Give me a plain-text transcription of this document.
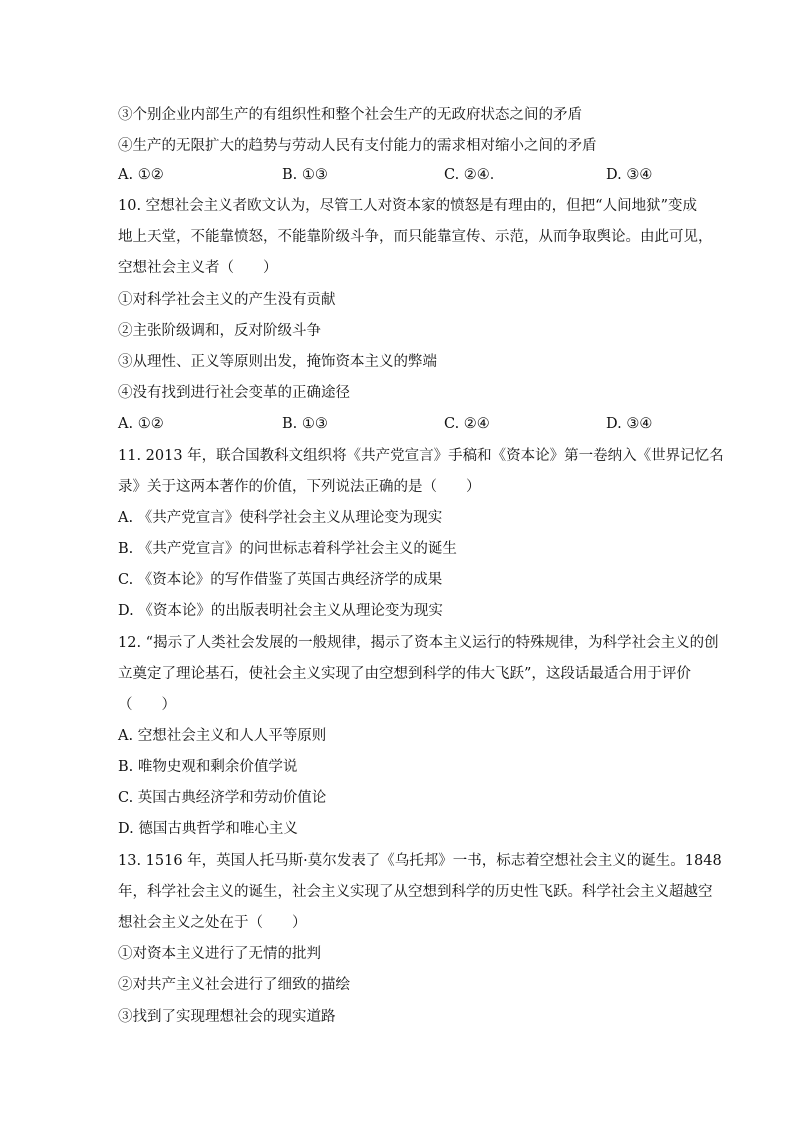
③个别企业内部生产的有组织性和整个社会生产的无政府状态之间的矛盾
④生产的无限扩大的趋势与劳动人民有支付能力的需求相对缩小之间的矛盾
A. ①②	B. ①③	C. ②④．	D. ③④
10. 空想社会主义者欧文认为，尽管工人对资本家的愤怒是有理由的，但把“人间地狱”变成
地上天堂，不能靠愤怒，不能靠阶级斗争，而只能靠宣传、示范，从而争取舆论。由此可见，
空想社会主义者（　　）
①对科学社会主义的产生没有贡献
②主张阶级调和，反对阶级斗争
③从理性、正义等原则出发，掩饰资本主义的弊端
④没有找到进行社会变革的正确途径
A. ①②	B. ①③	C. ②④	D. ③④
11. 2013 年，联合国教科文组织将《共产党宣言》手稿和《资本论》第一卷纳入《世界记忆名
录》关于这两本著作的价值，下列说法正确的是（　　）
A. 《共产党宣言》使科学社会主义从理论变为现实
B. 《共产党宣言》的问世标志着科学社会主义的诞生
C. 《资本论》的写作借鉴了英国古典经济学的成果
D. 《资本论》的出版表明社会主义从理论变为现实
12. “揭示了人类社会发展的一般规律，揭示了资本主义运行的特殊规律，为科学社会主义的创
立奠定了理论基石，使社会主义实现了由空想到科学的伟大飞跃”，这段话最适合用于评价
（　　）
A. 空想社会主义和人人平等原则
B. 唯物史观和剩余价值学说
C. 英国古典经济学和劳动价值论
D. 德国古典哲学和唯心主义
13. 1516 年，英国人托马斯·莫尔发表了《乌托邦》一书，标志着空想社会主义的诞生。1848
年，科学社会主义的诞生，社会主义实现了从空想到科学的历史性飞跃。科学社会主义超越空
想社会主义之处在于（　　）
①对资本主义进行了无情的批判
②对共产主义社会进行了细致的描绘
③找到了实现理想社会的现实道路
